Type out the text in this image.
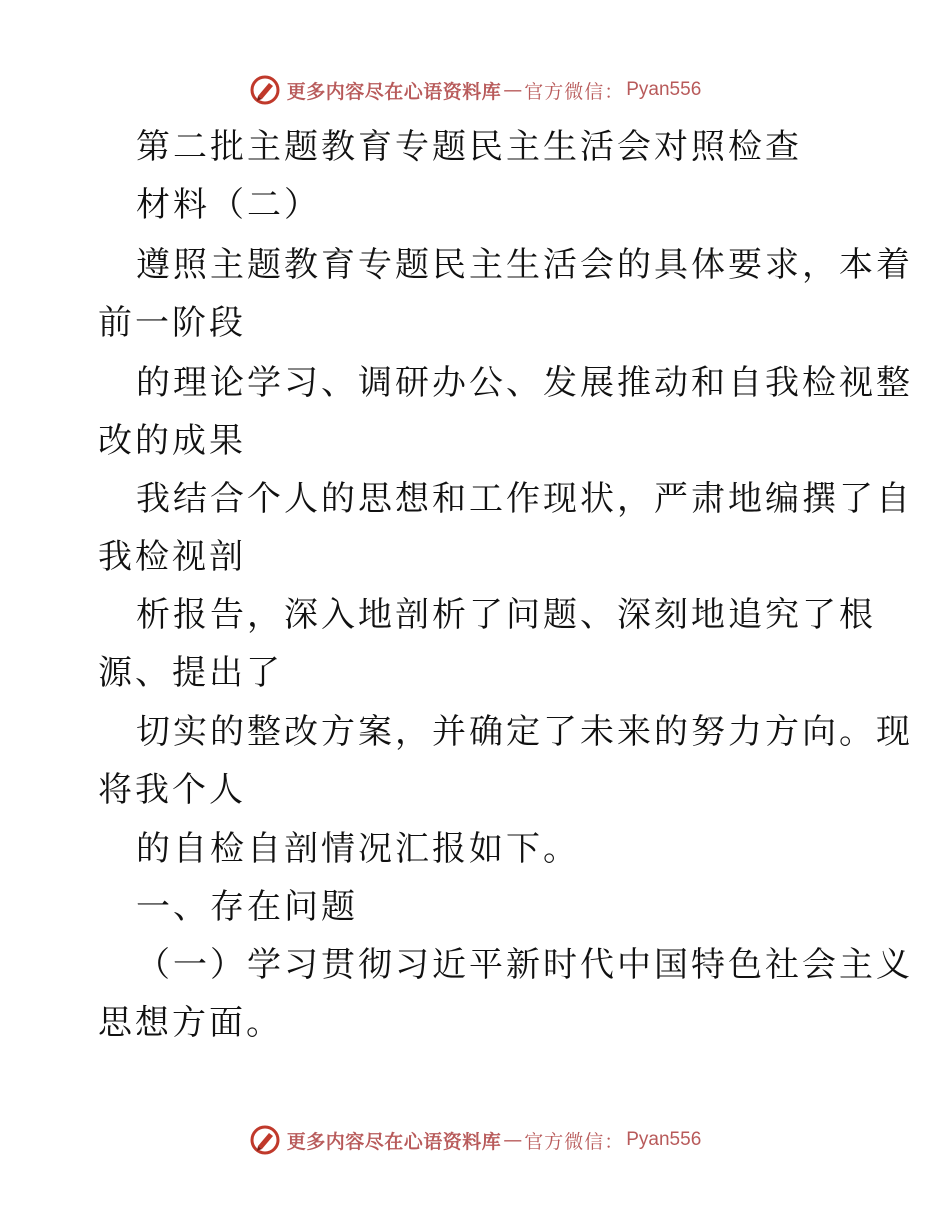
更多内容尽在心语资料库 — 官方微信： Pyan556
第二批主题教育专题民主生活会对照检查
材料（二）
遵照主题教育专题民主生活会的具体要求，本着
前一阶段
的理论学习、调研办公、发展推动和自我检视整
改的成果
我结合个人的思想和工作现状，严肃地编撰了自
我检视剖
析报告，深入地剖析了问题、深刻地追究了根
源、提出了
切实的整改方案，并确定了未来的努力方向。现
将我个人
的自检自剖情况汇报如下。
一、存在问题
（一）学习贯彻习近平新时代中国特色社会主义
思想方面。
更多内容尽在心语资料库 — 官方微信： Pyan556
